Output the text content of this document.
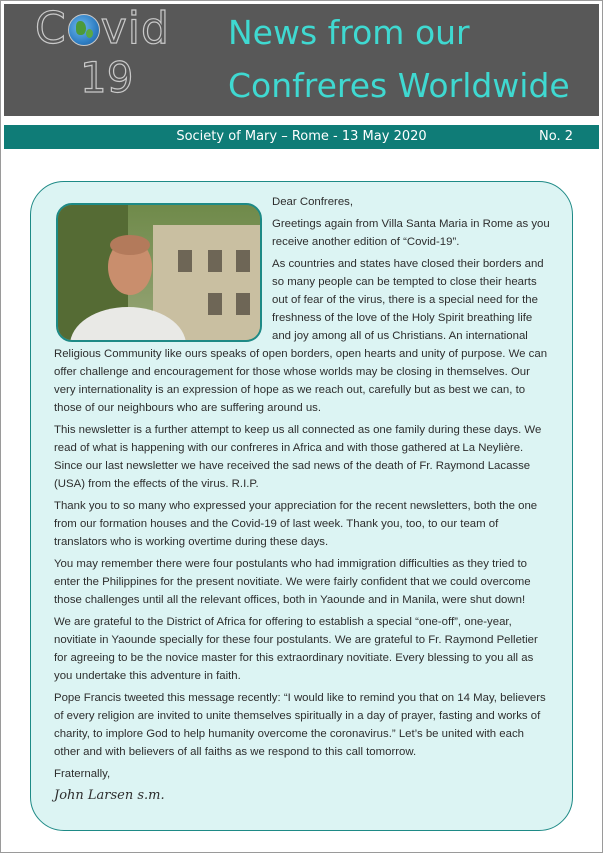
C vid
19
News from our Confreres Worldwide
Society of Mary – Rome - 13 May 2020	No. 2

Dear Confreres,

Greetings again from Villa Santa Maria in Rome as you receive another edition of “Covid-19”.

As countries and states have closed their borders and so many people can be tempted to close their hearts out of fear of the virus, there is a special need for the freshness of the love of the Holy Spirit breathing life and joy among all of us Christians. An international Religious Community like ours speaks of open borders, open hearts and unity of purpose. We can offer challenge and encouragement for those whose worlds may be closing in themselves. Our very internationality is an expression of hope as we reach out, carefully but as best we can, to those of our neighbours who are suffering around us.

This newsletter is a further attempt to keep us all connected as one family during these days. We read of what is happening with our confreres in Africa and with those gathered at La Neylière. Since our last newsletter we have received the sad news of the death of Fr. Raymond Lacasse (USA) from the effects of the virus. R.I.P.

Thank you to so many who expressed your appreciation for the recent newsletters, both the one from our formation houses and the Covid-19 of last week. Thank you, too, to our team of translators who is working overtime during these days.

You may remember there were four postulants who had immigration difficulties as they tried to enter the Philippines for the present novitiate. We were fairly confident that we could overcome those challenges until all the relevant offices, both in Yaounde and in Manila, were shut down!

We are grateful to the District of Africa for offering to establish a special “one-off”, one-year, novitiate in Yaounde specially for these four postulants. We are grateful to Fr. Raymond Pelletier for agreeing to be the novice master for this extraordinary novitiate. Every blessing to you all as you undertake this adventure in faith.

Pope Francis tweeted this message recently: “I would like to remind you that on 14 May, believers of every religion are invited to unite themselves spiritually in a day of prayer, fasting and works of charity, to implore God to help humanity overcome the coronavirus.” Let’s be united with each other and with believers of all faiths as we respond to this call tomorrow.

Fraternally,

John Larsen s.m.
